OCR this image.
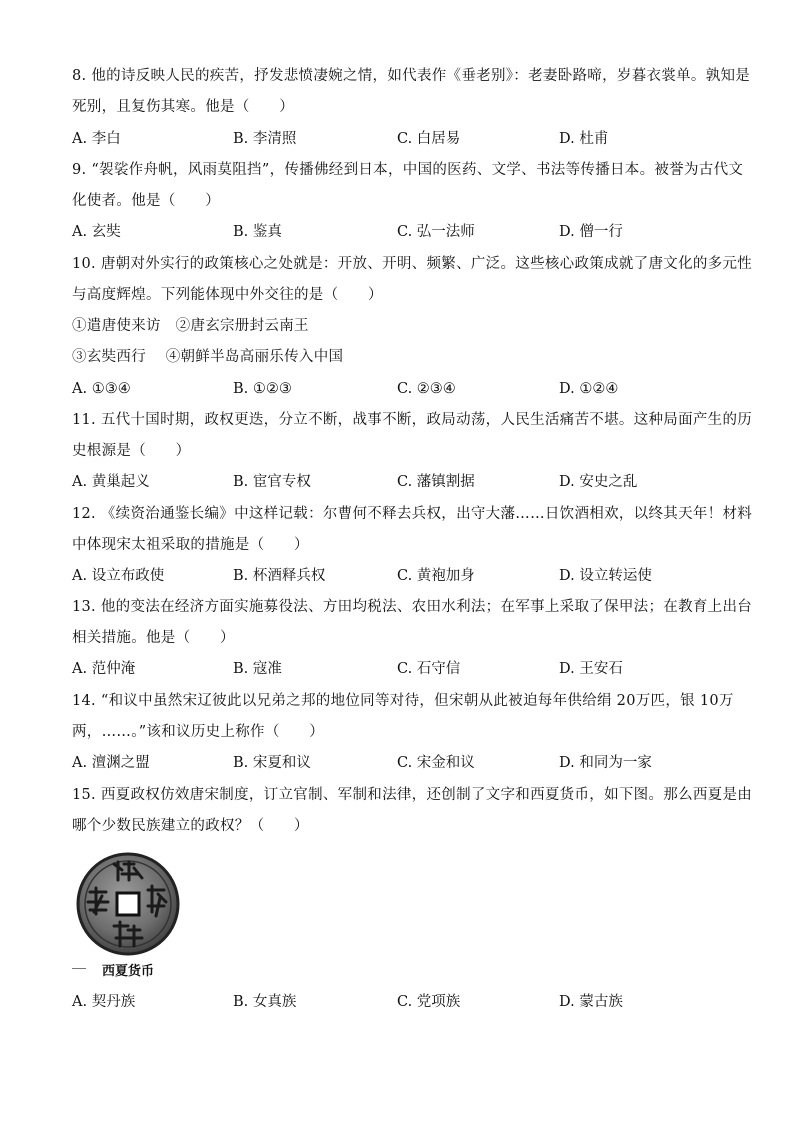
8. 他的诗反映人民的疾苦，抒发悲愤凄婉之情，如代表作《垂老别》：老妻卧路啼，岁暮衣裳单。孰知是
死别，且复伤其寒。他是（　　）
A. 李白	B. 李清照	C. 白居易	D. 杜甫
9. “袈裟作舟帆，风雨莫阻挡”，传播佛经到日本，中国的医药、文学、书法等传播日本。被誉为古代文
化使者。他是（　　）
A. 玄奘	B. 鉴真	C. 弘一法师	D. 僧一行
10. 唐朝对外实行的政策核心之处就是：开放、开明、频繁、广泛。这些核心政策成就了唐文化的多元性
与高度辉煌。下列能体现中外交往的是（　　）
①遣唐使来访　②唐玄宗册封云南王
③玄奘西行　 ④朝鲜半岛高丽乐传入中国
A. ①③④	B. ①②③	C. ②③④	D. ①②④
11. 五代十国时期，政权更迭，分立不断，战事不断，政局动荡，人民生活痛苦不堪。这种局面产生的历
史根源是（　　）
A. 黄巢起义	B. 宦官专权	C. 藩镇割据	D. 安史之乱
12. 《续资治通鉴长编》中这样记载：尔曹何不释去兵权，出守大藩……日饮酒相欢，以终其天年！材料
中体现宋太祖采取的措施是（　　）
A. 设立布政使	B. 杯酒释兵权	C. 黄袍加身	D. 设立转运使
13. 他的变法在经济方面实施募役法、方田均税法、农田水利法；在军事上采取了保甲法；在教育上出台
相关措施。他是（　　）
A. 范仲淹	B. 寇准	C. 石守信	D. 王安石
14. “和议中虽然宋辽彼此以兄弟之邦的地位同等对待，但宋朝从此被迫每年供给绢 20万匹，银 10万
两，……。”该和议历史上称作（　　）
A. 澶渊之盟	B. 宋夏和议	C. 宋金和议	D. 和同为一家
15. 西夏政权仿效唐宋制度，订立官制、军制和法律，还创制了文字和西夏货币，如下图。那么西夏是由
哪个少数民族建立的政权？（　　）
西夏货币
A. 契丹族	B. 女真族	C. 党项族	D. 蒙古族
